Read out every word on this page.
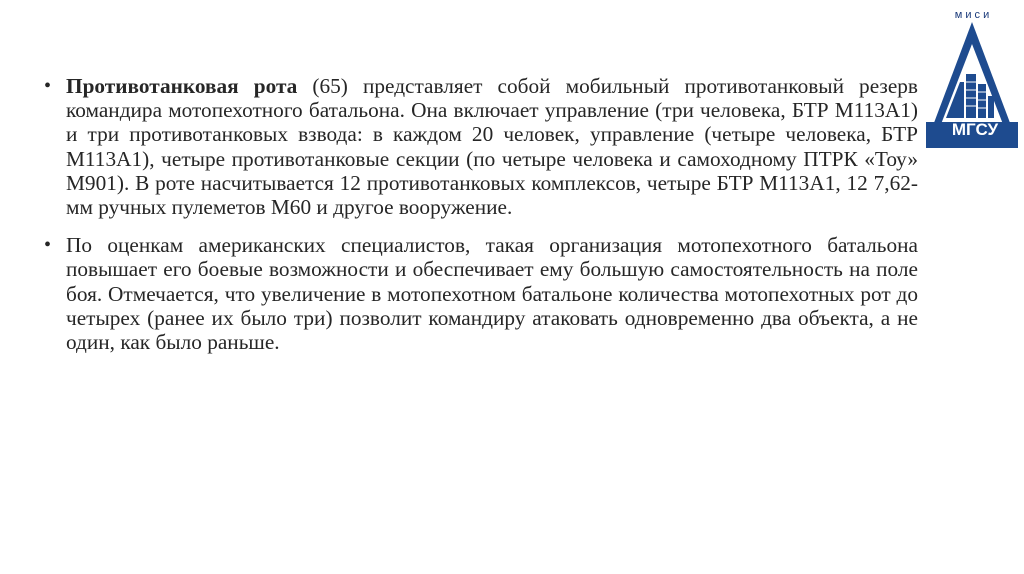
• Противотанковая рота (65) представляет собой мобильный противотанковый резерв командира мотопехотного батальона. Она включает управление (три человека, БТР М113А1) и три противотанковых взвода: в каждом 20 человек, управление (четыре человека, БТР М113А1), четыре противотанковые секции (по четыре человека и самоходному ПТРК «Тоу» М901). В роте насчитывается 12 противотанковых комплексов, четыре БТР М113А1, 12 7,62-мм ручных пулеметов М60 и другое вооружение.
• По оценкам американских специалистов, такая организация мотопехотного батальона повышает его боевые возможности и обеспечивает ему большую самостоятельность на поле боя. Отмечается, что увеличение в мотопехотном батальоне количества мотопехотных рот до четырех (ранее их было три) позволит командиру атаковать одновременно два объекта, а не один, как было раньше.
м и с и
МГСУ
